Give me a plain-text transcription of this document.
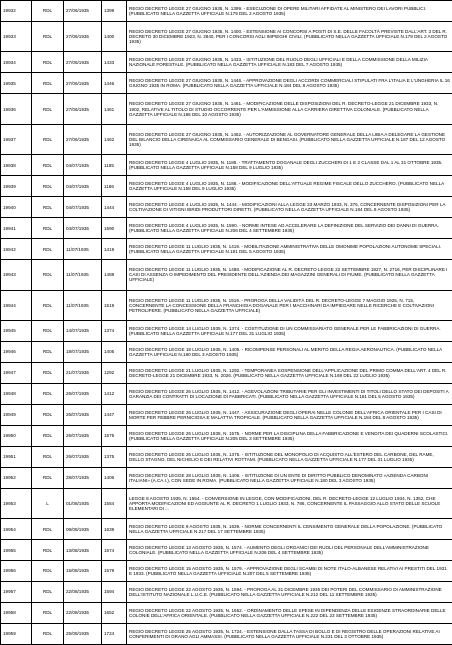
19932	RDL	27/06/1935	1399	REGIO DECRETO LEGGE 27 GIUGNO 1935, N. 1399. - ESECUZIONE DI OPERE MILITARI AFFIDATE AL MINISTERO DEI LAVORI PUBBLICI. (PUBBLICATO NELLA GAZZETTA UFFICIALE N.179 DEL 2 AGOSTO 1935)
19933	RDL	27/06/1935	1400	REGIO DECRETO LEGGE 27 GIUGNO 1935, N. 1400. - ESTENSIONE AI CONCORSI A POSTI DI S.E. DELLE FACOLTÀ PREVISTE DALL'ART. 3 DEL R. DECRETO 30 DICEMBRE 1923, N. 2840, PER I CONCORSI AGLI IMPIEGHI CIVILI. (PUBBLICATO NELLA GAZZETTA UFFICIALE N.179 DEL 2 AGOSTO 1935)
19934	RDL	27/06/1935	1433	REGIO DECRETO LEGGE 27 GIUGNO 1935, N. 1433. - ISTITUZIONE DEL RUOLO DEGLI UFFICIALI E DELLA COMMISSIONE DELLA MILIZIA NAZIONALE FORESTALE. (PUBBLICATO NELLA GAZZETTA UFFICIALE N.183 DEL 7 AGOSTO 1935)
19935	RDL	27/06/1935	1446	REGIO DECRETO LEGGE 27 GIUGNO 1935, N. 1446. - APPROVAZIONE DEGLI ACCORDI COMMERCIALI STIPULATI FRA L'ITALIA E L'UNGHERIA IL 16 GIUGNO 1935 IN ROMA. (PUBBLICATO NELLA GAZZETTA UFFICIALE N.184 DEL 8 AGOSTO 1935)
19936	RDL	27/06/1935	1461	REGIO DECRETO LEGGE 27 GIUGNO 1935, N. 1461. - MODIFICAZIONE DELLE DISPOSIZIONI DEL R. DECRETO-LEGGE 21 DICEMBRE 1933, N. 1902, RELATIVE AL TITOLO DI STUDIO OCCORRENTE PER L'AMMISSIONE ALLA CARRIERA DIRETTIVA COLONIALE. (PUBBLICATO NELLA GAZZETTA UFFICIALE N.186 DEL 10 AGOSTO 1935)
19937	RDL	27/06/1935	1462	REGIO DECRETO LEGGE 27 GIUGNO 1935, N. 1462. - AUTORIZZAZIONE AL GOVERNATORE GENERALE DELLA LIBIA A DELEGARE LA GESTIONE DEL BILANCIO DELLA CIRENAICA AL COMMISSARIO GENERALE DI BENGASI. (PUBBLICATO NELLA GAZZETTA UFFICIALE N.187 DEL 12 AGOSTO 1935)
19938	RDL	04/07/1935	1185	REGIO DECRETO LEGGE 4 LUGLIO 1935, N. 1185. - TRATTAMENTO DOGANALE DEGLI ZUCCHERI DI 1 E 2 CLASSE DAL 1 AL 31 OTTOBRE 1935. (PUBBLICATO NELLA GAZZETTA UFFICIALE N.158 DEL 9 LUGLIO 1935)
19939	RDL	04/07/1935	1186	REGIO DECRETO LEGGE 4 LUGLIO 1935, N. 1186. - MODIFICAZIONE DELL'ATTUALE REGIME FISCALE DELLO ZUCCHERO. (PUBBLICATO NELLA GAZZETTA UFFICIALE N.158 DEL 9 LUGLIO 1935)
19940	RDL	04/07/1935	1444	REGIO DECRETO LEGGE 4 LUGLIO 1935, N. 1444. - MODIFICAZIONI ALLA LEGGE 23 MARZO 1933, N. 376, CONCERNENTE DISPOSIZIONI PER LA COLTIVAZIONE DI VITIGNI IBRIDI PRODUTTORI DIRETTI. (PUBBLICATO NELLA GAZZETTA UFFICIALE N.184 DEL 8 AGOSTO 1935)
19941	RDL	04/07/1935	1590	REGIO DECRETO LEGGE 4 LUGLIO 1935, N. 1590. - NORME INTESE AD ACCELERARE LA DEFINIZIONE DEL SERVIZIO DEI DANNI DI GUERRA. (PUBBLICATO NELLA GAZZETTA UFFICIALE N.206 DEL 4 SETTEMBRE 1935)
19942	RDL	11/07/1935	1419	REGIO DECRETO LEGGE 11 LUGLIO 1935, N. 1419. - MOBILITAZIONE AMMINISTRATIVA DELLE OMONIME POPOLAZIONI AUTONOME SPECIALI. (PUBBLICATO NELLA GAZZETTA UFFICIALE N.181 DEL 5 AGOSTO 1935)
19943	RDL	11/07/1935	1488	REGIO DECRETO LEGGE 11 LUGLIO 1935, N. 1488. - MODIFICAZIONE AL R. DECRETO LEGGE 22 SETTEMBRE 1927, N. 2716, PER DISCIPLINARE I CASI DI ASSENZA O IMPEDIMENTO DEL PRESIDENTE DELL'AZIENDA DEI MAGAZZINI GENERALI DI FIUME. (PUBBLICATO NELLA GAZZETTA UFFICIALE)
19944	RDL	11/07/1935	1519	REGIO DECRETO LEGGE 11 LUGLIO 1935, N. 1519. - PROROGA DELLA VALIDITÀ DEL R. DECRETO-LEGGE 7 MAGGIO 1925, N. 715, CONCERNENTE LA CONCESSIONE DELLA FRANCHIGIA DOGANALE PER I MACCHINARI DA IMPIEGARE NELLE RICERCHE E COLTIVAZIONI PETROLIFERE. (PUBBLICATO NELLA GAZZETTA UFFICIALE)
19945	RDL	14/07/1935	1374	REGIO DECRETO LEGGE 14 LUGLIO 1935, N. 1374. - COSTITUZIONE DI UN COMMISSARIATO GENERALE PER LE FABBRICAZIONI DI GUERRA. (PUBBLICATO NELLA GAZZETTA UFFICIALE N.177 DEL 31 LUGLIO 1935)
19946	RDL	18/07/1935	1405	REGIO DECRETO LEGGE 18 LUGLIO 1935, N. 1405. - RICOMPENSE PERSONALI AL MERITO DELLA REGIA AERONAUTICA. (PUBBLICATO NELLA GAZZETTA UFFICIALE N.180 DEL 3 AGOSTO 1935)
19947	RDL	21/07/1935	1292	REGIO DECRETO LEGGE 21 LUGLIO 1935, N. 1292. - TEMPORANEA SOSPENSIONE DELL'APPLICAZIONE DEL PRIMO COMMA DELL'ART. 4 DEL R. DECRETO-LEGGE 21 DICEMBRE 1933, N. 2026. (PUBBLICATO NELLA GAZZETTA UFFICIALE N.169 DEL 22 LUGLIO 1935)
19948	RDL	26/07/1935	1412	REGIO DECRETO LEGGE 26 LUGLIO 1935, N. 1412. - AGEVOLAZIONI TRIBUTARIE PER GLI INVESTIMENTI DI TITOLI DELLO STATO DEI DEPOSITI A GARANZIA DEI CONTRATTI DI LOCAZIONE DI FABBRICATI. (PUBBLICATO NELLA GAZZETTA UFFICIALE N.181 DEL 5 AGOSTO 1935)
19949	RDL	26/07/1935	1447	REGIO DECRETO LEGGE 26 LUGLIO 1935, N. 1447. - ASSICURAZIONE DEGLI OPERAI NELLE COLONIE DELL'AFRICA ORIENTALE PER I CASI DI MORTE PER FEBBRE PERNICIOSA E MALATTIA TROPICALE. (PUBBLICATO NELLA GAZZETTA UFFICIALE N.184 DEL 8 AGOSTO 1935)
19950	RDL	26/07/1935	1575	REGIO DECRETO LEGGE 26 LUGLIO 1935, N. 1575. - NORME PER LA DISCIPLINA DELLA FABBRICAZIONE E VENDITA DEI QUADERNI SCOLASTICI. (PUBBLICATO NELLA GAZZETTA UFFICIALE N.205 DEL 3 SETTEMBRE 1935)
19951	RDL	26/07/1935	1375	REGIO DECRETO LEGGE 26 LUGLIO 1935, N. 1375. - ISTITUZIONE DEL MONOPOLIO DI ACQUISTO ALL'ESTERO DEL CARBONE, DEL RAME, DELLO STAGNO, DEL NICHELIO E DEI RELATIVI ROTTAMI. (PUBBLICATO NELLA GAZZETTA UFFICIALE N.177 DEL 31 LUGLIO 1935)
19952	RDL	28/07/1935	1406	REGIO DECRETO LEGGE 28 LUGLIO 1935, N. 1406. - ISTITUZIONE DI UN ENTE DI DIRITTO PUBBLICO DENOMINATO «AZIENDA CARBONI ITALIANI» (A.CA.I.), CON SEDE IN ROMA. (PUBBLICATO NELLA GAZZETTA UFFICIALE N.180 DEL 3 AGOSTO 1935)
19953	L	01/08/1935	1554	LEGGE 8 AGOSTO 1935, N. 1554. - CONVERSIONE IN LEGGE, CON MODIFICAZIONI, DEL R. DECRETO-LEGGE 12 LUGLIO 1934, N. 1352, CHE APPORTA MODIFICAZIONI ED AGGIUNTE AL R. DECRETO 1 LUGLIO 1933, N. 786, CONCERNENTE IL PASSAGGIO ALLO STATO DELLE SCUOLE ELEMENTARI DI ...
19954	RDL	09/08/1935	1639	REGIO DECRETO LEGGE 9 AGOSTO 1935, N. 1639. - NORME CONCERNENTI IL CENSIMENTO GENERALE DELLA POPOLAZIONE. (PUBBLICATO NELLA GAZZETTA UFFICIALE N.217 DEL 17 SETTEMBRE 1935)
19955	RDL	13/08/1935	1574	REGIO DECRETO LEGGE 13 AGOSTO 1935, N. 1574. - AUMENTO DEGLI ORGANICI DEI RUOLI DEL PERSONALE DELL'AMMINISTRAZIONE COLONIALE. (PUBBLICATO NELLA GAZZETTA UFFICIALE N.206 DEL 4 SETTEMBRE 1935)
19956	RDL	15/08/1935	1579	REGIO DECRETO LEGGE 15 AGOSTO 1935, N. 1579. - APPROVAZIONE DEGLI SCAMBI DI NOTE ITALO-ALBANESE RELATIVI AI PRESTITI DEL 1931 E 1933. (PUBBLICATO NELLA GAZZETTA UFFICIALE N.207 DEL 5 SETTEMBRE 1935)
19957	RDL	22/08/1935	1594	REGIO DECRETO LEGGE 22 AGOSTO 1935, N. 1594. - PROROGA AL 31 DICEMBRE 1935 DEI POTERI DEL COMMISSARIO DI AMMINISTRAZIONE DELL'ISTITUTO NAZIONALE L.U.C.E. (PUBBLICATO NELLA GAZZETTA UFFICIALE N.212 DEL 11 SETTEMBRE 1935)
19958	RDL	22/08/1935	1652	REGIO DECRETO LEGGE 22 AGOSTO 1935, N. 1652. - ORDINAMENTO DELLE SPESE IN DIPENDENZA DELLE ESIGENZE STRAORDINARIE DELLE COLONIE DELL'AFRICA ORIENTALE. (PUBBLICATO NELLA GAZZETTA UFFICIALE N.222 DEL 23 SETTEMBRE 1935)
19959	RDL	25/08/1935	1724	REGIO DECRETO LEGGE 25 AGOSTO 1935, N. 1724. - ESTENSIONE DALLA TASSA DI BOLLO E DI REGISTRO DELLE OPERAZIONI RELATIVE AI CONFERIMENTI DI GRANO AGLI AMMASSI. (PUBBLICATO NELLA GAZZETTA UFFICIALE N.231 DEL 3 OTTOBRE 1935)
